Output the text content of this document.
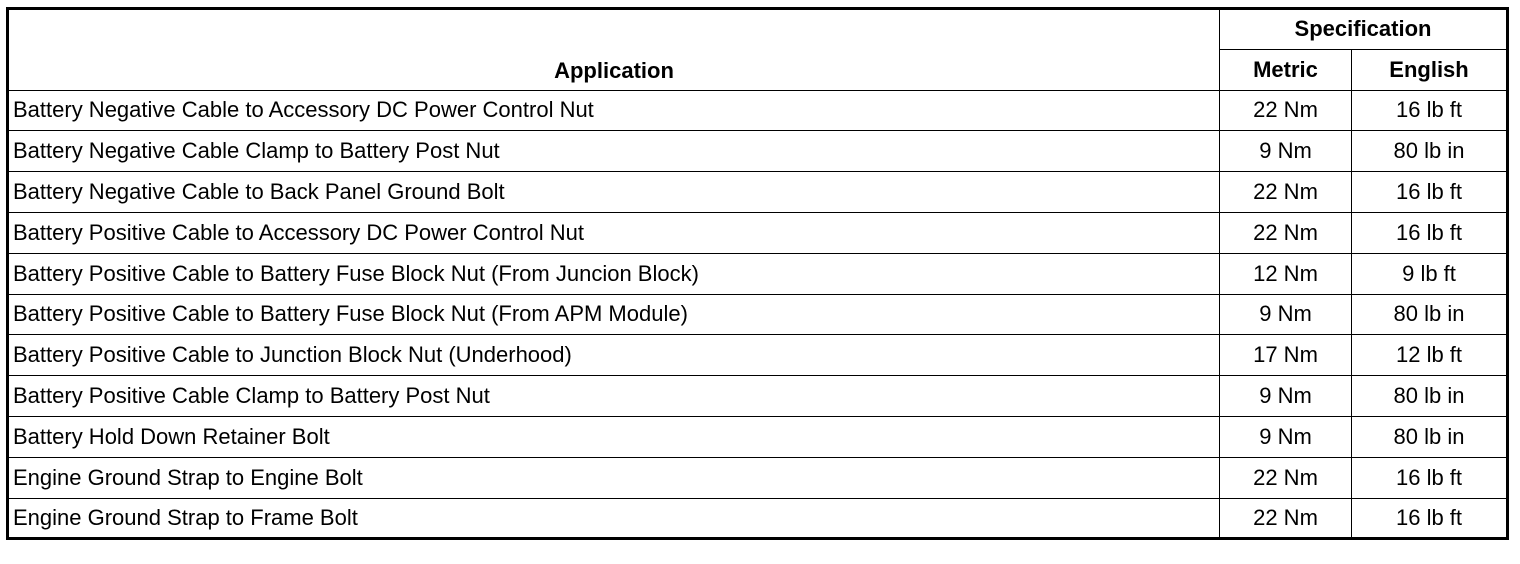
Application	Specification	
	Metric	English
Battery Negative Cable to Accessory DC Power Control Nut	22 Nm	16 lb ft
Battery Negative Cable Clamp to Battery Post Nut	9 Nm	80 lb in
Battery Negative Cable to Back Panel Ground Bolt	22 Nm	16 lb ft
Battery Positive Cable to Accessory DC Power Control Nut	22 Nm	16 lb ft
Battery Positive Cable to Battery Fuse Block Nut (From Juncion Block)	12 Nm	9 lb ft
Battery Positive Cable to Battery Fuse Block Nut (From APM Module)	9 Nm	80 lb in
Battery Positive Cable to Junction Block Nut (Underhood)	17 Nm	12 lb ft
Battery Positive Cable Clamp to Battery Post Nut	9 Nm	80 lb in
Battery Hold Down Retainer Bolt	9 Nm	80 lb in
Engine Ground Strap to Engine Bolt	22 Nm	16 lb ft
Engine Ground Strap to Frame Bolt	22 Nm	16 lb ft
